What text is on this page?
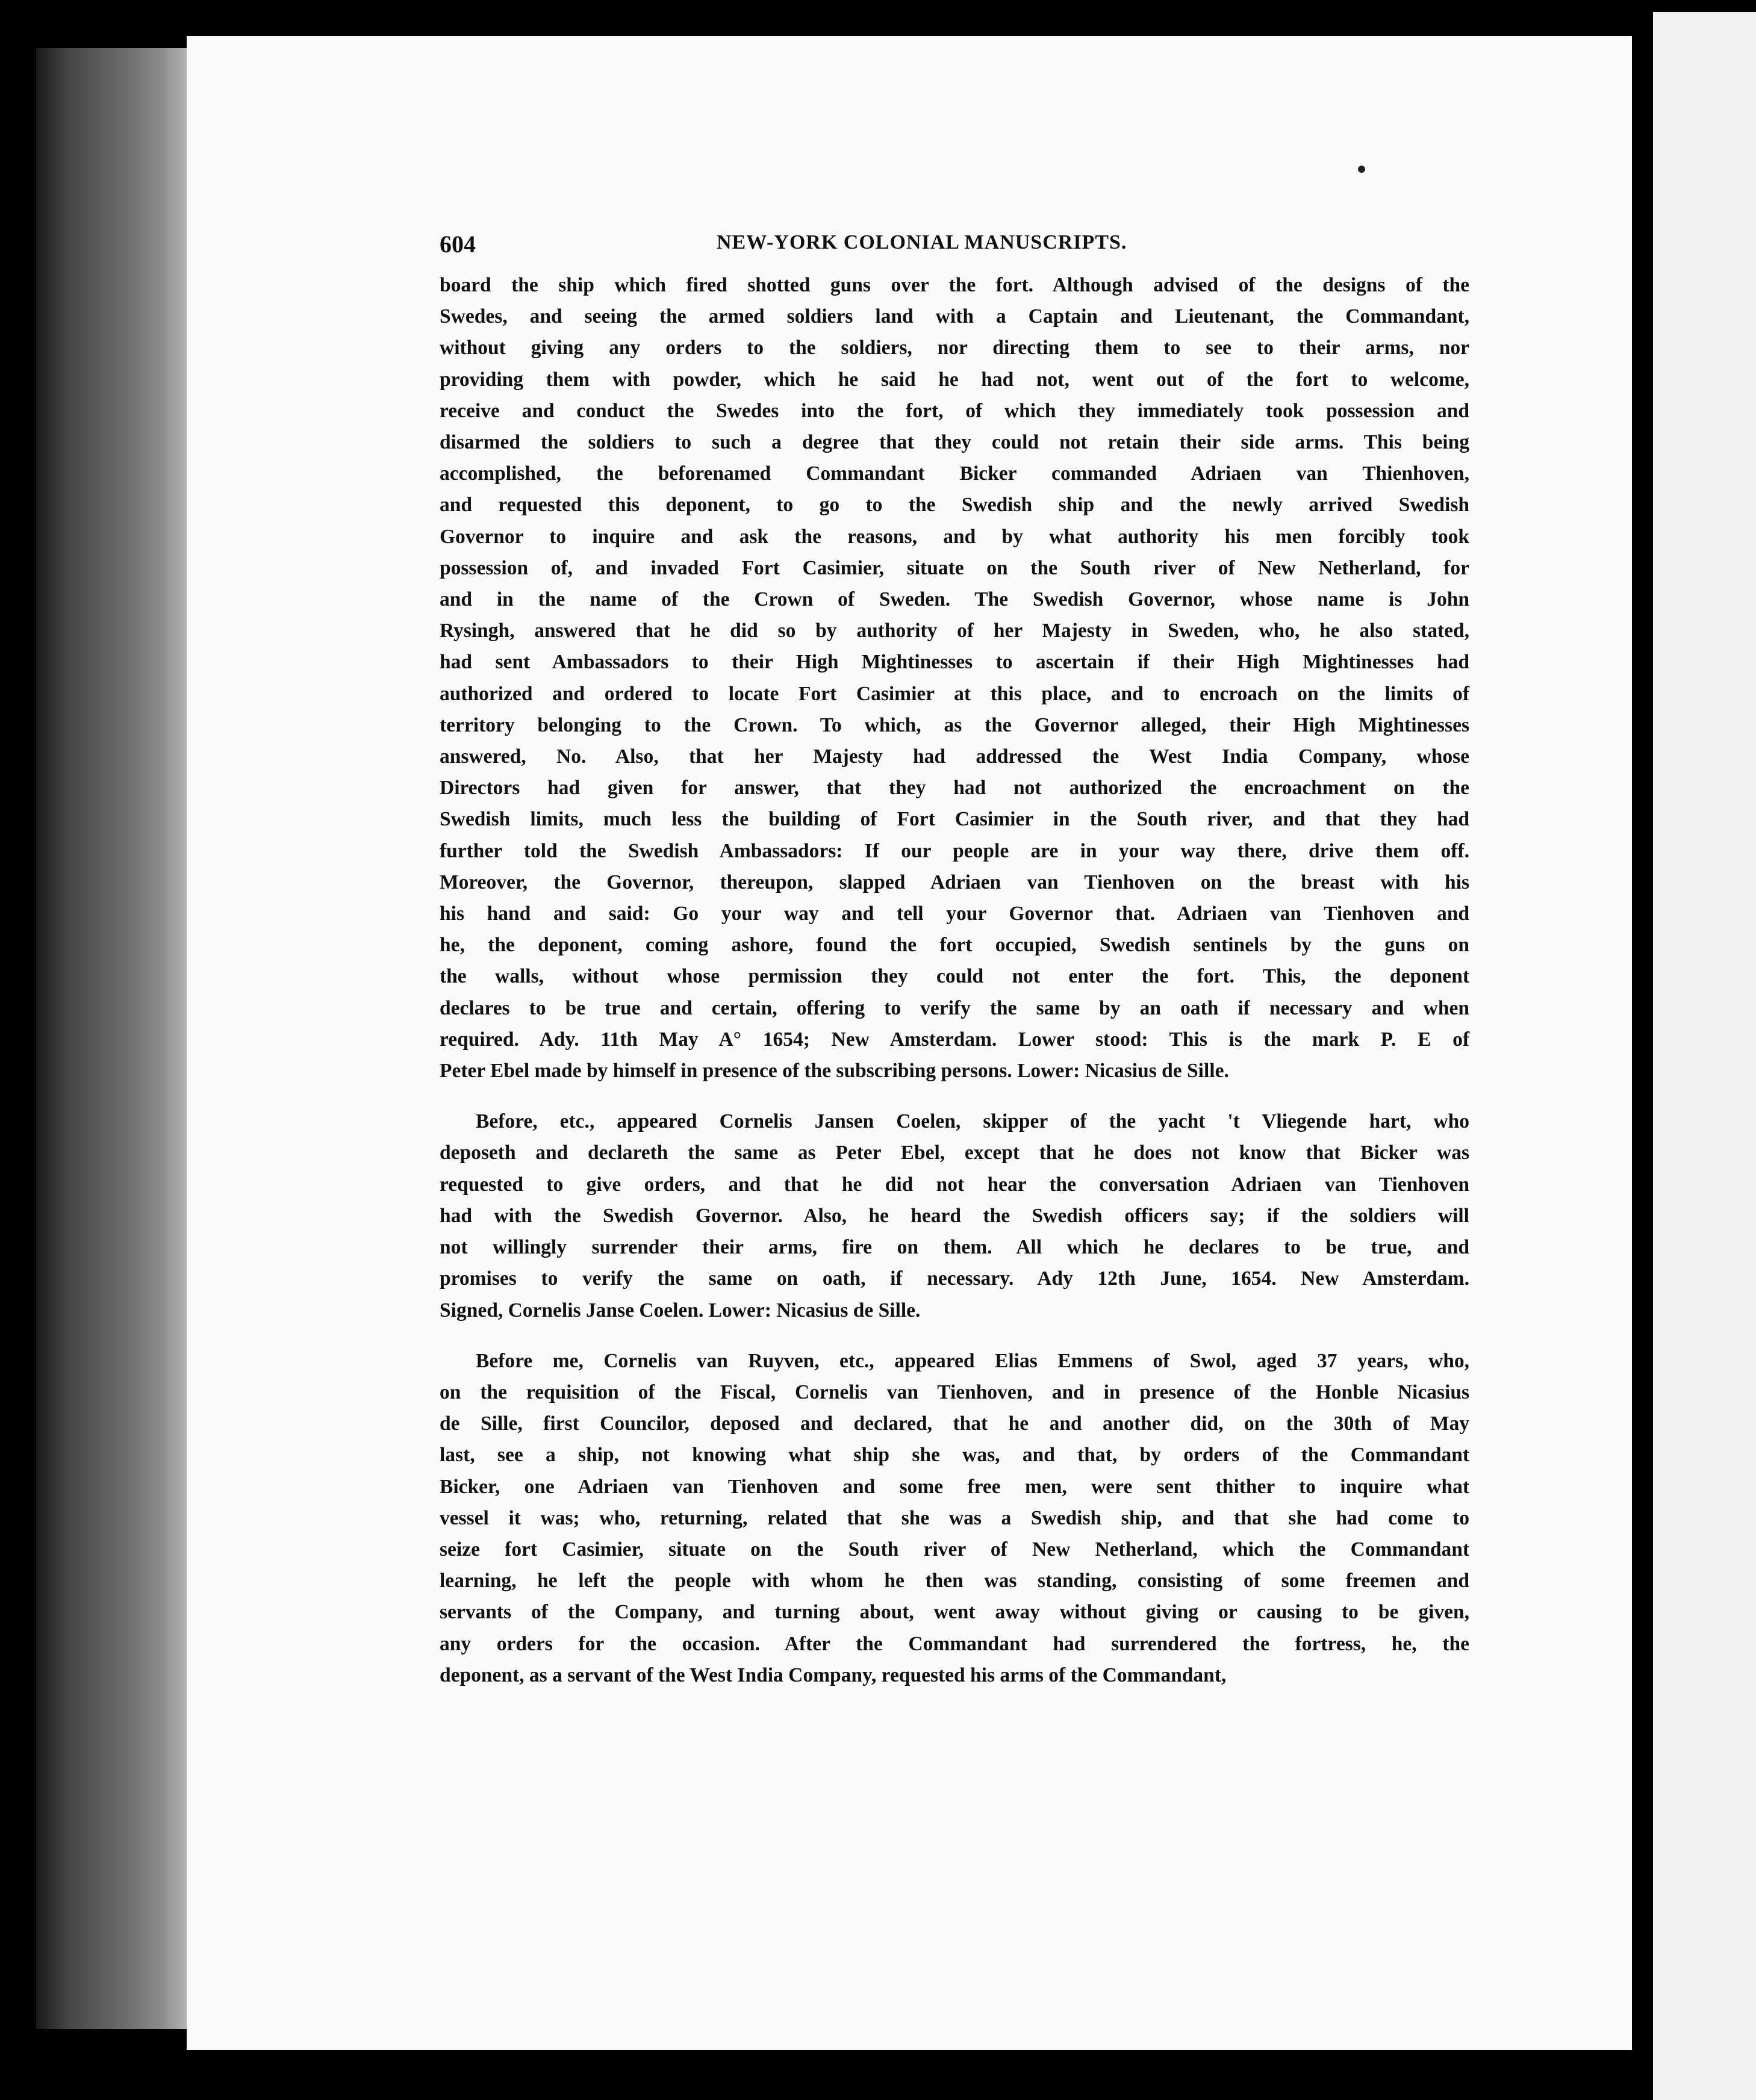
604	NEW-YORK COLONIAL MANUSCRIPTS.
board the ship which fired shotted guns over the fort. Although advised of the designs of the
Swedes, and seeing the armed soldiers land with a Captain and Lieutenant, the Commandant,
without giving any orders to the soldiers, nor directing them to see to their arms, nor
providing them with powder, which he said he had not, went out of the fort to welcome,
receive and conduct the Swedes into the fort, of which they immediately took possession and
disarmed the soldiers to such a degree that they could not retain their side arms. This being
accomplished, the beforenamed Commandant Bicker commanded Adriaen van Thienhoven,
and requested this deponent, to go to the Swedish ship and the newly arrived Swedish
Governor to inquire and ask the reasons, and by what authority his men forcibly took
possession of, and invaded Fort Casimier, situate on the South river of New Netherland, for
and in the name of the Crown of Sweden. The Swedish Governor, whose name is John
Rysingh, answered that he did so by authority of her Majesty in Sweden, who, he also stated,
had sent Ambassadors to their High Mightinesses to ascertain if their High Mightinesses had
authorized and ordered to locate Fort Casimier at this place, and to encroach on the limits of
territory belonging to the Crown. To which, as the Governor alleged, their High Mightinesses
answered, No. Also, that her Majesty had addressed the West India Company, whose
Directors had given for answer, that they had not authorized the encroachment on the
Swedish limits, much less the building of Fort Casimier in the South river, and that they had
further told the Swedish Ambassadors: If our people are in your way there, drive them off.
Moreover, the Governor, thereupon, slapped Adriaen van Tienhoven on the breast with his
his hand and said: Go your way and tell your Governor that. Adriaen van Tienhoven and
he, the deponent, coming ashore, found the fort occupied, Swedish sentinels by the guns on
the walls, without whose permission they could not enter the fort. This, the deponent
declares to be true and certain, offering to verify the same by an oath if necessary and when
required. Ady. 11th May A° 1654; New Amsterdam. Lower stood: This is the mark P. E of
Peter Ebel made by himself in presence of the subscribing persons. Lower: Nicasius de Sille.
Before, etc., appeared Cornelis Jansen Coelen, skipper of the yacht 't Vliegende hart, who
deposeth and declareth the same as Peter Ebel, except that he does not know that Bicker was
requested to give orders, and that he did not hear the conversation Adriaen van Tienhoven
had with the Swedish Governor. Also, he heard the Swedish officers say; if the soldiers will
not willingly surrender their arms, fire on them. All which he declares to be true, and
promises to verify the same on oath, if necessary. Ady 12th June, 1654. New Amsterdam.
Signed, Cornelis Janse Coelen. Lower: Nicasius de Sille.
Before me, Cornelis van Ruyven, etc., appeared Elias Emmens of Swol, aged 37 years, who,
on the requisition of the Fiscal, Cornelis van Tienhoven, and in presence of the Honble Nicasius
de Sille, first Councilor, deposed and declared, that he and another did, on the 30th of May
last, see a ship, not knowing what ship she was, and that, by orders of the Commandant
Bicker, one Adriaen van Tienhoven and some free men, were sent thither to inquire what
vessel it was; who, returning, related that she was a Swedish ship, and that she had come to
seize fort Casimier, situate on the South river of New Netherland, which the Commandant
learning, he left the people with whom he then was standing, consisting of some freemen and
servants of the Company, and turning about, went away without giving or causing to be given,
any orders for the occasion. After the Commandant had surrendered the fortress, he, the
deponent, as a servant of the West India Company, requested his arms of the Commandant,
